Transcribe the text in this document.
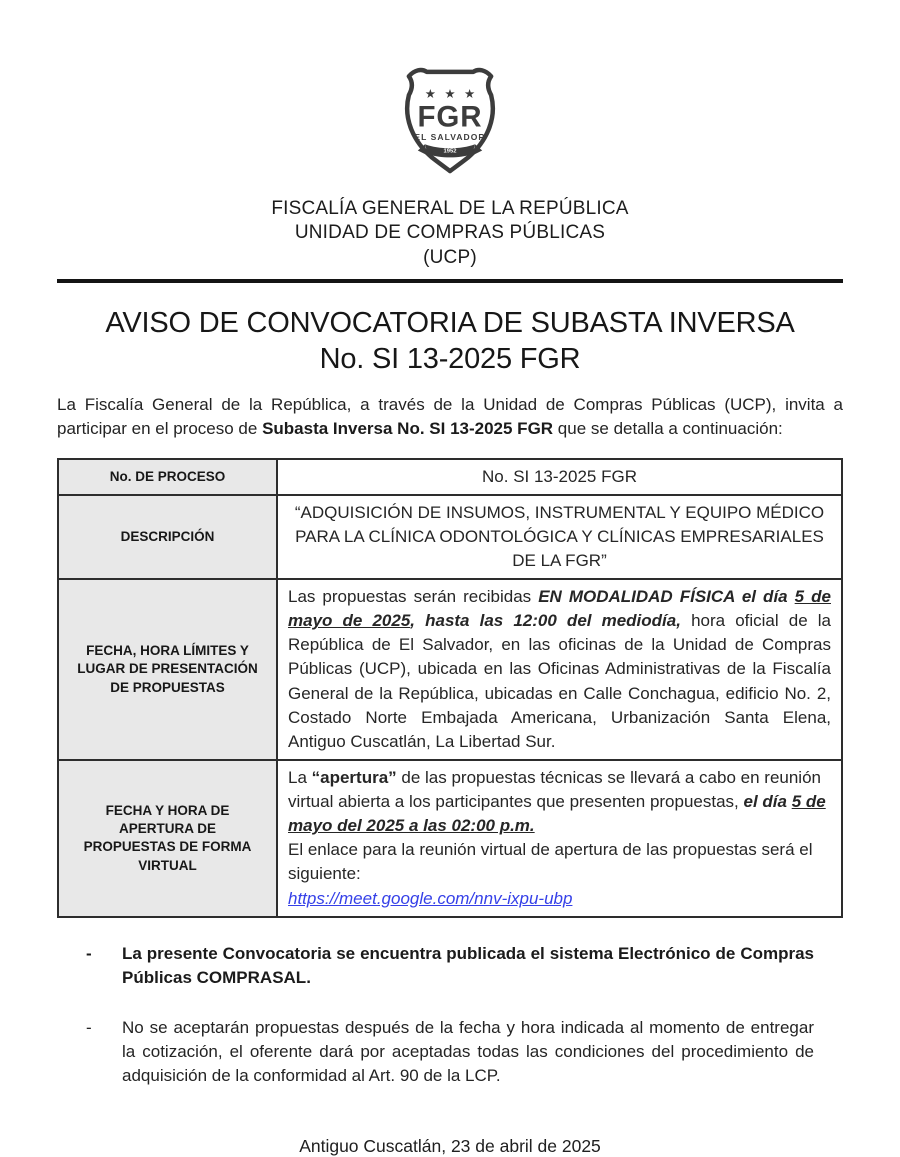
★ ★ ★
FGR
EL SALVADOR
1952
FISCALÍA GENERAL DE LA REPÚBLICA
UNIDAD DE COMPRAS PÚBLICAS
(UCP)
AVISO DE CONVOCATORIA DE SUBASTA INVERSA
No. SI 13-2025 FGR

La Fiscalía General de la República, a través de la Unidad de Compras Públicas (UCP), invita a participar en el proceso de Subasta Inversa No. SI 13-2025 FGR que se detalla a continuación:

No. DE PROCESO	No. SI 13-2025 FGR
DESCRIPCIÓN	“ADQUISICIÓN DE INSUMOS, INSTRUMENTAL Y EQUIPO MÉDICO PARA LA CLÍNICA ODONTOLÓGICA Y CLÍNICAS EMPRESARIALES DE LA FGR”
FECHA, HORA LÍMITES Y LUGAR DE PRESENTACIÓN DE PROPUESTAS	Las propuestas serán recibidas EN MODALIDAD FÍSICA el día 5 de mayo de 2025, hasta las 12:00 del mediodía, hora oficial de la República de El Salvador, en las oficinas de la Unidad de Compras Públicas (UCP), ubicada en las Oficinas Administrativas de la Fiscalía General de la República, ubicadas en Calle Conchagua, edificio No. 2, Costado Norte Embajada Americana, Urbanización Santa Elena, Antiguo Cuscatlán, La Libertad Sur.
FECHA Y HORA DE APERTURA DE PROPUESTAS DE FORMA VIRTUAL	La “apertura” de las propuestas técnicas se llevará a cabo en reunión virtual abierta a los participantes que presenten propuestas, el día 5 de mayo del 2025 a las 02:00 p.m.

El enlace para la reunión virtual de apertura de las propuestas será el siguiente:

https://meet.google.com/nnv-ixpu-ubp

-	La presente Convocatoria se encuentra publicada el sistema Electrónico de Compras Públicas COMPRASAL.
-	No se aceptarán propuestas después de la fecha y hora indicada al momento de entregar la cotización, el oferente dará por aceptadas todas las condiciones del procedimiento de adquisición de la conformidad al Art. 90 de la LCP.
Antiguo Cuscatlán, 23 de abril de 2025
